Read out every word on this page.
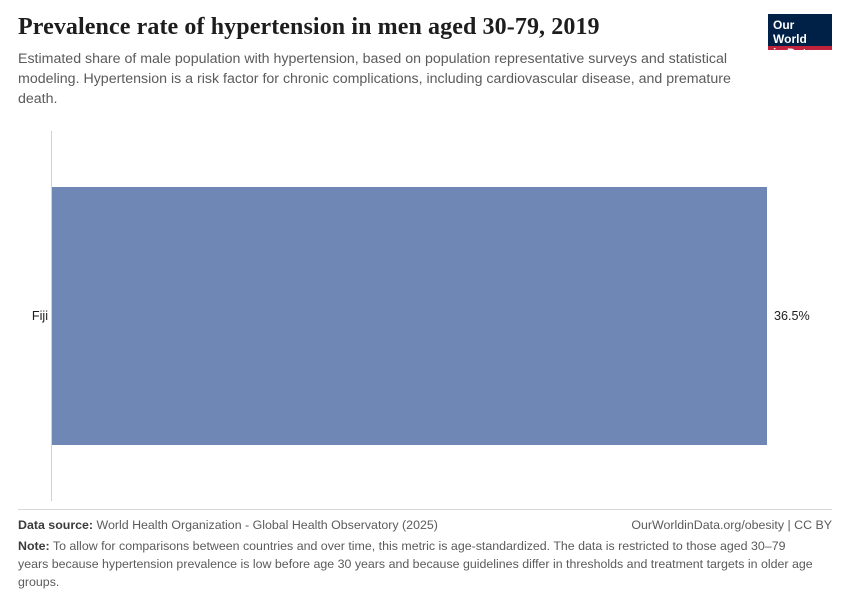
Prevalence rate of hypertension in men aged 30-79, 2019

Estimated share of male population with hypertension, based on population representative surveys and statistical modeling. Hypertension is a risk factor for chronic complications, including cardiovascular disease, and premature death.

Our World
in Data
Fiji	36.5%
Data source: World Health Organization - Global Health Observatory (2025)	OurWorldinData.org/obesity | CC BY
Note: To allow for comparisons between countries and over time, this metric is age-standardized. The data is restricted to those aged 30–79 years because hypertension prevalence is low before age 30 years and because guidelines differ in thresholds and treatment targets in older age groups.
